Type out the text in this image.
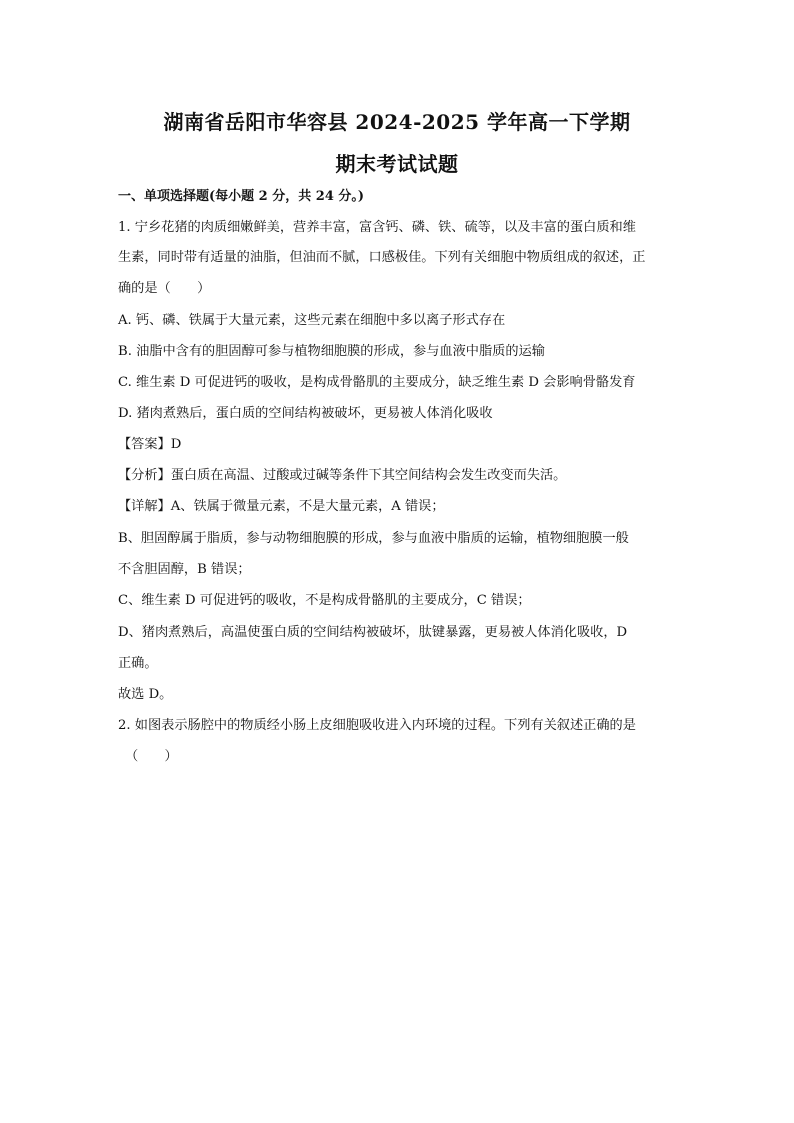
湖南省岳阳市华容县 2024-2025 学年高一下学期
期末考试试题
一、单项选择题(每小题 2 分，共 24 分。)
1. 宁乡花猪的肉质细嫩鲜美，营养丰富，富含钙、磷、铁、硫等，以及丰富的蛋白质和维
生素，同时带有适量的油脂，但油而不腻，口感极佳。下列有关细胞中物质组成的叙述，正
确的是（　　）
A. 钙、磷、铁属于大量元素，这些元素在细胞中多以离子形式存在
B. 油脂中含有的胆固醇可参与植物细胞膜的形成，参与血液中脂质的运输
C. 维生素 D 可促进钙的吸收，是构成骨骼肌的主要成分，缺乏维生素 D 会影响骨骼发育
D. 猪肉煮熟后，蛋白质的空间结构被破坏，更易被人体消化吸收
【答案】D
【分析】蛋白质在高温、过酸或过碱等条件下其空间结构会发生改变而失活。
【详解】A、铁属于微量元素，不是大量元素，A 错误；
B、胆固醇属于脂质，参与动物细胞膜的形成，参与血液中脂质的运输，植物细胞膜一般
不含胆固醇，B 错误；
C、维生素 D 可促进钙的吸收，不是构成骨骼肌的主要成分，C 错误；
D、猪肉煮熟后，高温使蛋白质的空间结构被破坏，肽键暴露，更易被人体消化吸收，D
正确。
故选 D。
2. 如图表示肠腔中的物质经小肠上皮细胞吸收进入内环境的过程。下列有关叙述正确的是
（　　）
